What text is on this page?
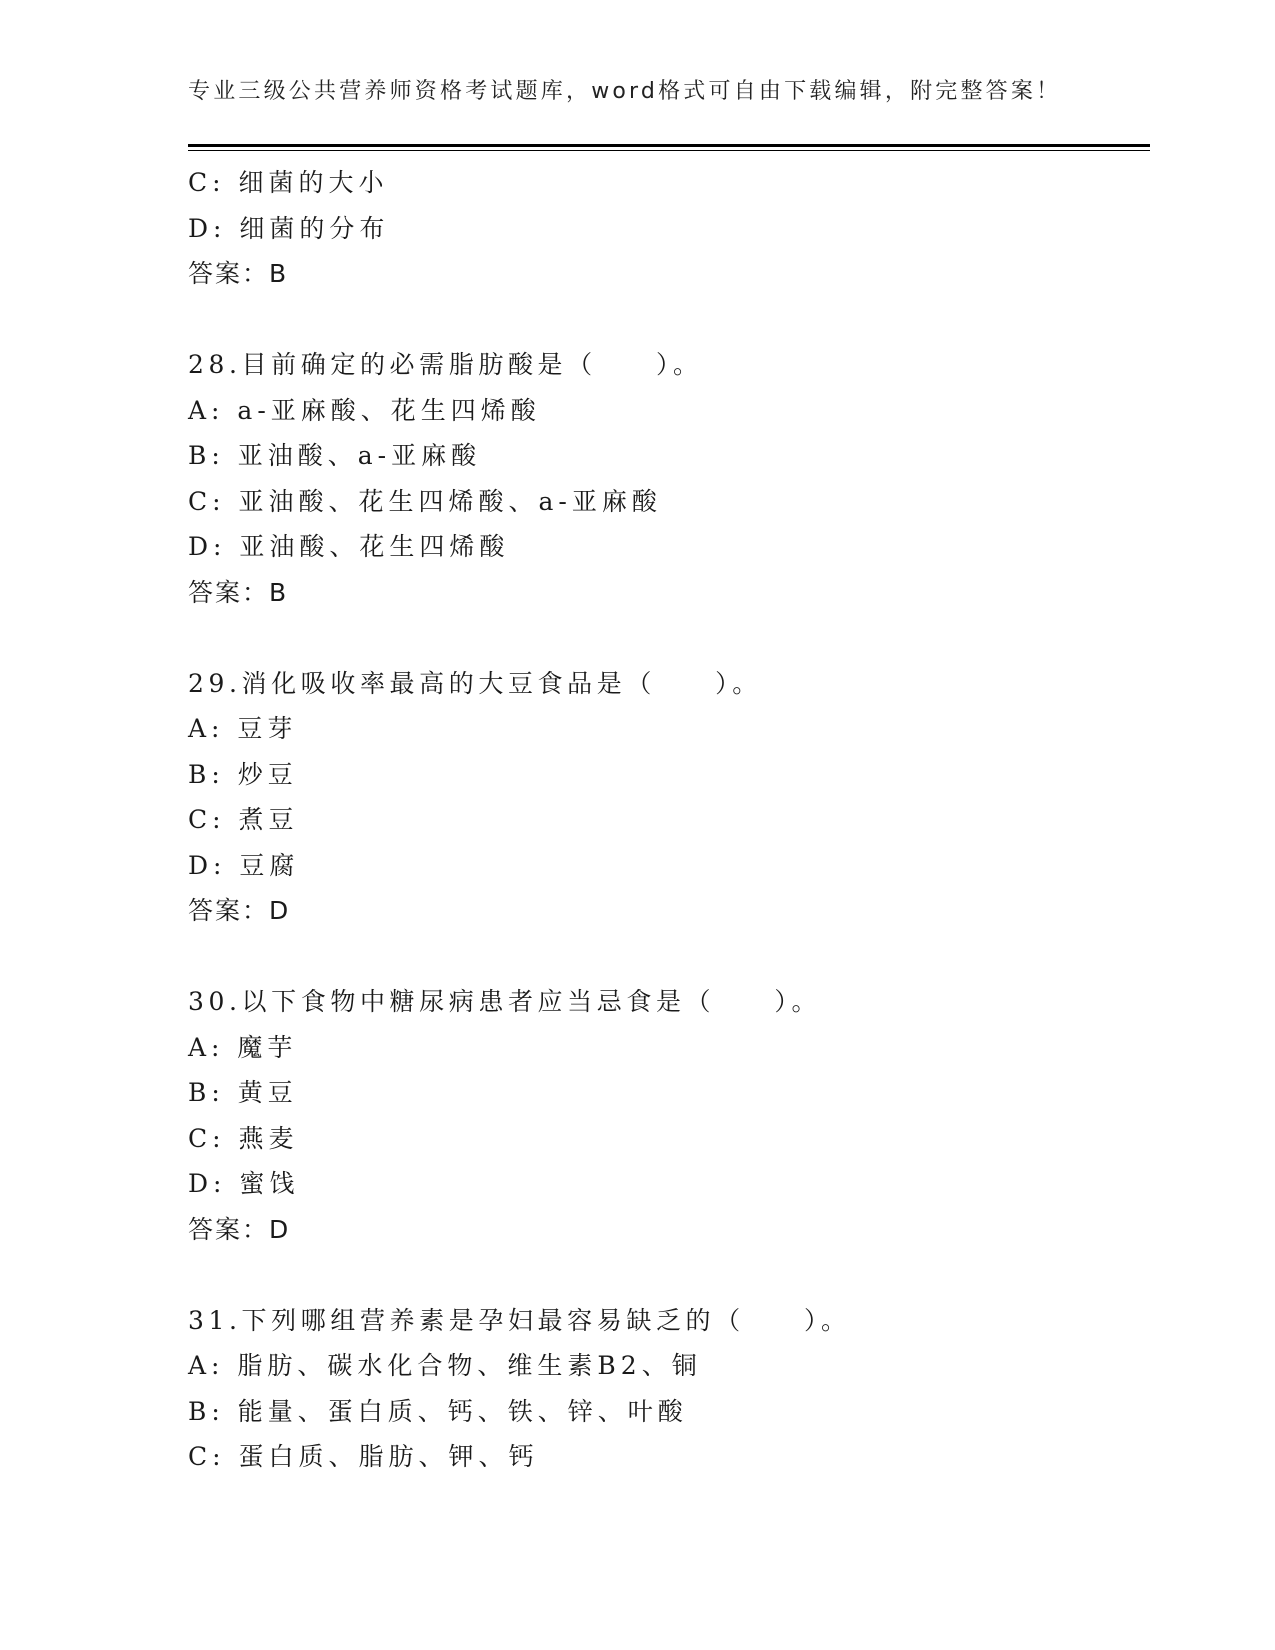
专业三级公共营养师资格考试题库，word格式可自由下载编辑，附完整答案！
C: 细菌的大小
D: 细菌的分布
答案：B
28.目前确定的必需脂肪酸是（　　）。
A: a-亚麻酸、花生四烯酸
B: 亚油酸、a-亚麻酸
C: 亚油酸、花生四烯酸、a-亚麻酸
D: 亚油酸、花生四烯酸
答案：B
29.消化吸收率最高的大豆食品是（　　）。
A: 豆芽
B: 炒豆
C: 煮豆
D: 豆腐
答案：D
30.以下食物中糖尿病患者应当忌食是（　　）。
A: 魔芋
B: 黄豆
C: 燕麦
D: 蜜饯
答案：D
31.下列哪组营养素是孕妇最容易缺乏的（　　）。
A: 脂肪、碳水化合物、维生素B2、铜
B: 能量、蛋白质、钙、铁、锌、叶酸
C: 蛋白质、脂肪、钾、钙
